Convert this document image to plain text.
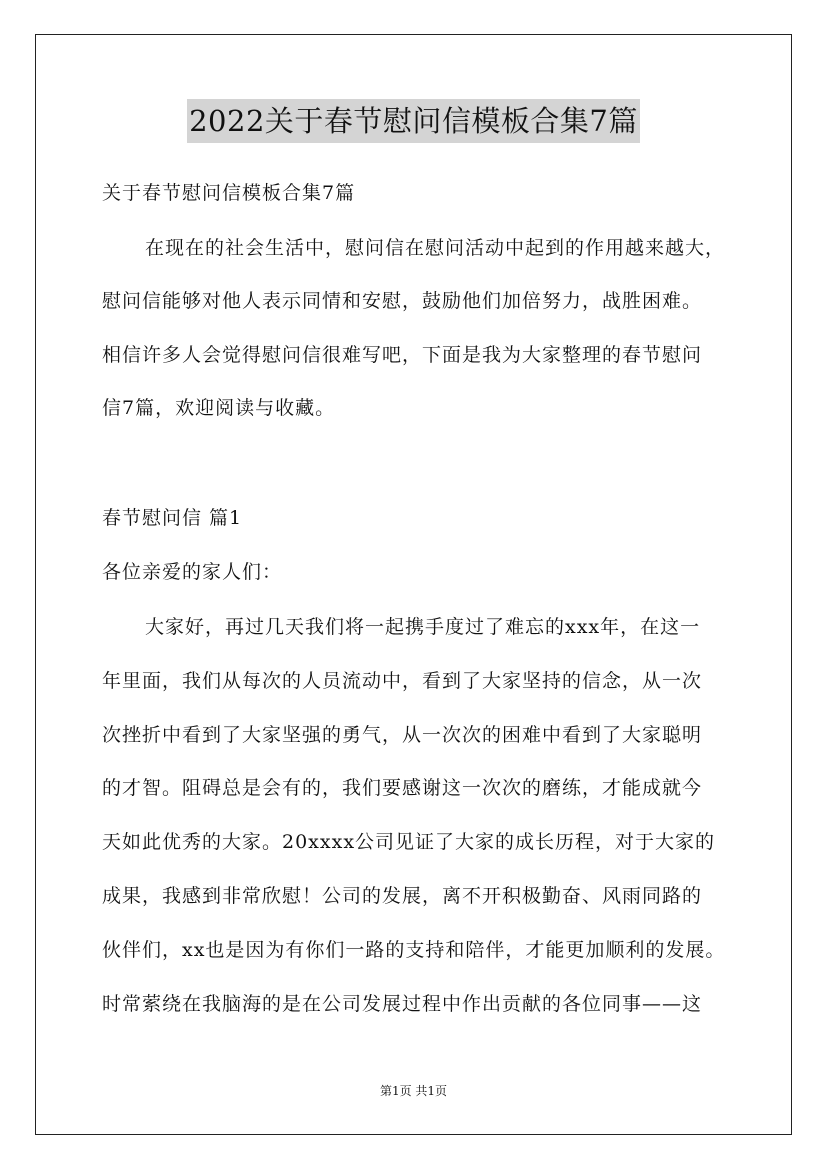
2022关于春节慰问信模板合集7篇
关于春节慰问信模板合集7篇
在现在的社会生活中，慰问信在慰问活动中起到的作用越来越大，
慰问信能够对他人表示同情和安慰，鼓励他们加倍努力，战胜困难。
相信许多人会觉得慰问信很难写吧，下面是我为大家整理的春节慰问
信7篇，欢迎阅读与收藏。
春节慰问信 篇1
各位亲爱的家人们：
大家好，再过几天我们将一起携手度过了难忘的xxx年，在这一
年里面，我们从每次的人员流动中，看到了大家坚持的信念，从一次
次挫折中看到了大家坚强的勇气，从一次次的困难中看到了大家聪明
的才智。阻碍总是会有的，我们要感谢这一次次的磨练，才能成就今
天如此优秀的大家。20xxxx公司见证了大家的成长历程，对于大家的
成果，我感到非常欣慰！公司的发展，离不开积极勤奋、风雨同路的
伙伴们，xx也是因为有你们一路的支持和陪伴，才能更加顺利的发展。
时常萦绕在我脑海的是在公司发展过程中作出贡献的各位同事——这
第1页 共1页
